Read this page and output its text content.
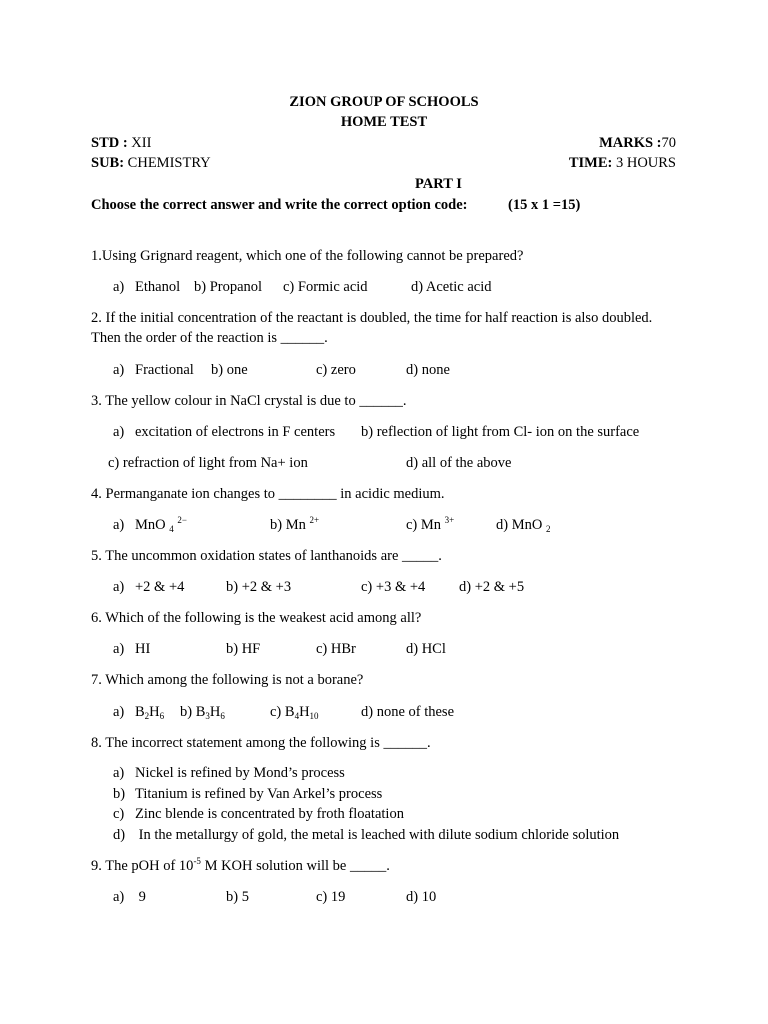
ZION GROUP OF SCHOOLS
HOME TEST
STD : XII	MARKS :70
SUB: CHEMISTRY	TIME: 3 HOURS
PART I
Choose the correct answer and write the correct option code:	(15 x 1 =15)
1.Using Grignard reagent, which one of the following cannot be prepared?
a) Ethanol b) Propanol c) Formic acid	d) Acetic acid
2. If the initial concentration of the reactant is doubled, the time for half reaction is also doubled.
Then the order of the reaction is ______.
a) Fractional b) one	c) zero	d) none
3. The yellow colour in NaCl crystal is due to ______.
a) excitation of electrons in F centers b) reflection of light from Cl- ion on the surface
c) refraction of light from Na+ ion	d) all of the above
4. Permanganate ion changes to ________ in acidic medium.
a) MnO $_4$ $^{2-}$	b) Mn $^{2+}$	c) Mn $^{3+}$	d) MnO $_2$
5. The uncommon oxidation states of lanthanoids are _____.
a) +2 & +4	b) +2 & +3	c) +3 & +4 d) +2 & +5
6. Which of the following is the weakest acid among all?
a) HI	b) HF	c) HBr	d) HCl
7. Which among the following is not a borane?
a) $B_2H_6$ b) $B_3H_6$	c) $B_4H_{10}$	d) none of these
8. The incorrect statement among the following is ______.
a) Nickel is refined by Mond’s process
b) Titanium is refined by Van Arkel’s process
c) Zinc blende is concentrated by froth floatation
d) In the metallurgy of gold, the metal is leached with dilute sodium chloride solution
9. The pOH of $10^{-5}$ M KOH solution will be _____.
a) 9	b) 5	c) 19	d) 10
